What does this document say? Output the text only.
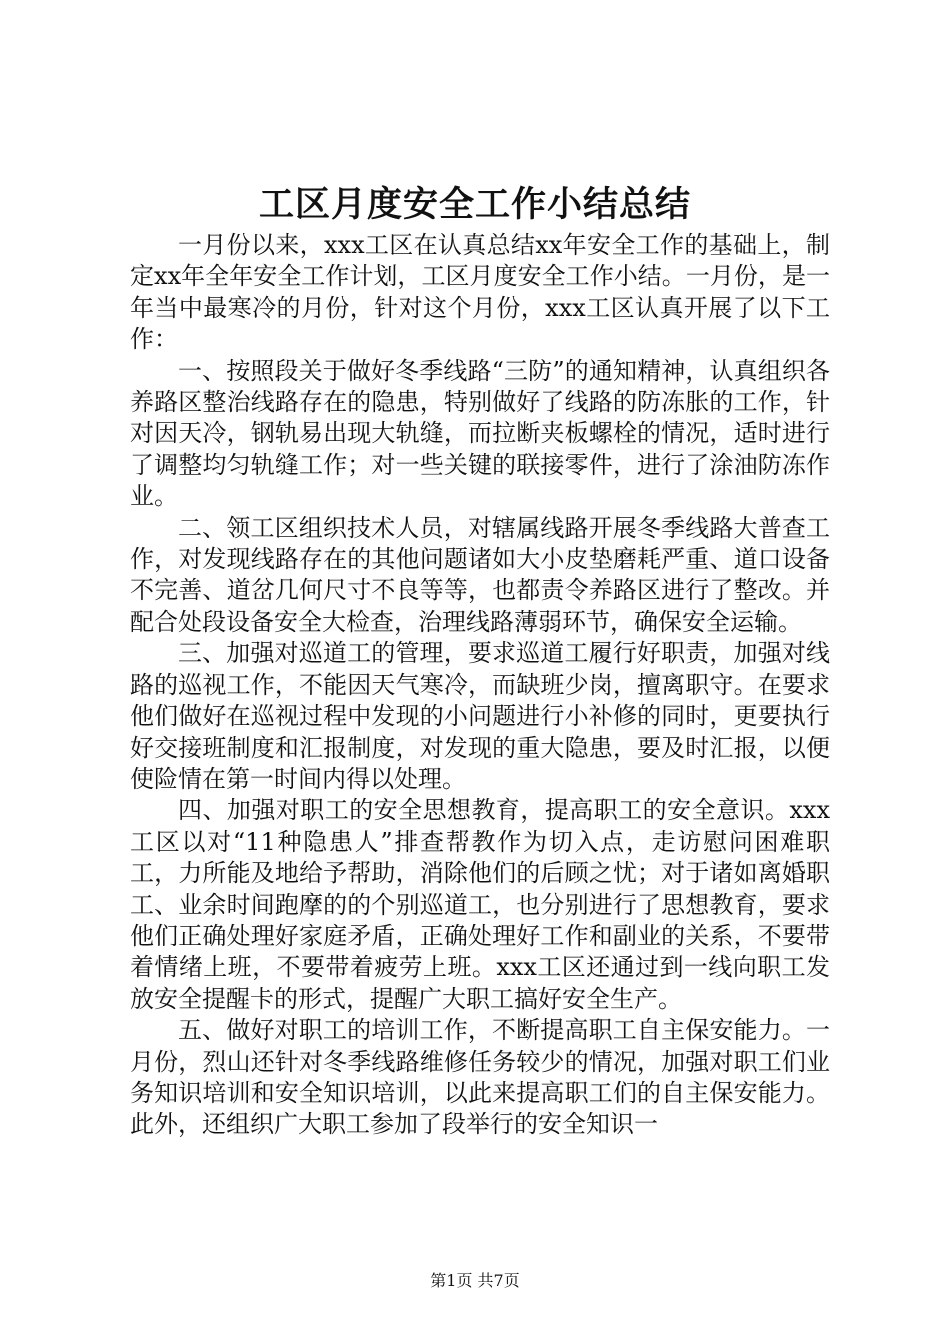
工区月度安全工作小结总结

一月份以来，xxx工区在认真总结xx年安全工作的基础上，制定xx年全年安全工作计划，工区月度安全工作小结。一月份，是一年当中最寒冷的月份，针对这个月份，xxx工区认真开展了以下工作：

一、按照段关于做好冬季线路“三防”的通知精神，认真组织各养路区整治线路存在的隐患，特别做好了线路的防冻胀的工作，针对因天冷，钢轨易出现大轨缝，而拉断夹板螺栓的情况，适时进行了调整均匀轨缝工作；对一些关键的联接零件，进行了涂油防冻作业。

二、领工区组织技术人员，对辖属线路开展冬季线路大普查工作，对发现线路存在的其他问题诸如大小皮垫磨耗严重、道口设备不完善、道岔几何尺寸不良等等，也都责令养路区进行了整改。并配合处段设备安全大检查，治理线路薄弱环节，确保安全运输。

三、加强对巡道工的管理，要求巡道工履行好职责，加强对线路的巡视工作，不能因天气寒冷，而缺班少岗，擅离职守。在要求他们做好在巡视过程中发现的小问题进行小补修的同时，更要执行好交接班制度和汇报制度，对发现的重大隐患，要及时汇报，以便使险情在第一时间内得以处理。

四、加强对职工的安全思想教育，提高职工的安全意识。xxx工区以对“11种隐患人”排查帮教作为切入点，走访慰问困难职工，力所能及地给予帮助，消除他们的后顾之忧；对于诸如离婚职工、业余时间跑摩的的个别巡道工，也分别进行了思想教育，要求他们正确处理好家庭矛盾，正确处理好工作和副业的关系，不要带着情绪上班，不要带着疲劳上班。xxx工区还通过到一线向职工发放安全提醒卡的形式，提醒广大职工搞好安全生产。

五、做好对职工的培训工作，不断提高职工自主保安能力。一月份，烈山还针对冬季线路维修任务较少的情况，加强对职工们业务知识培训和安全知识培训，以此来提高职工们的自主保安能力。此外，还组织广大职工参加了段举行的安全知识一

第1页 共7页
